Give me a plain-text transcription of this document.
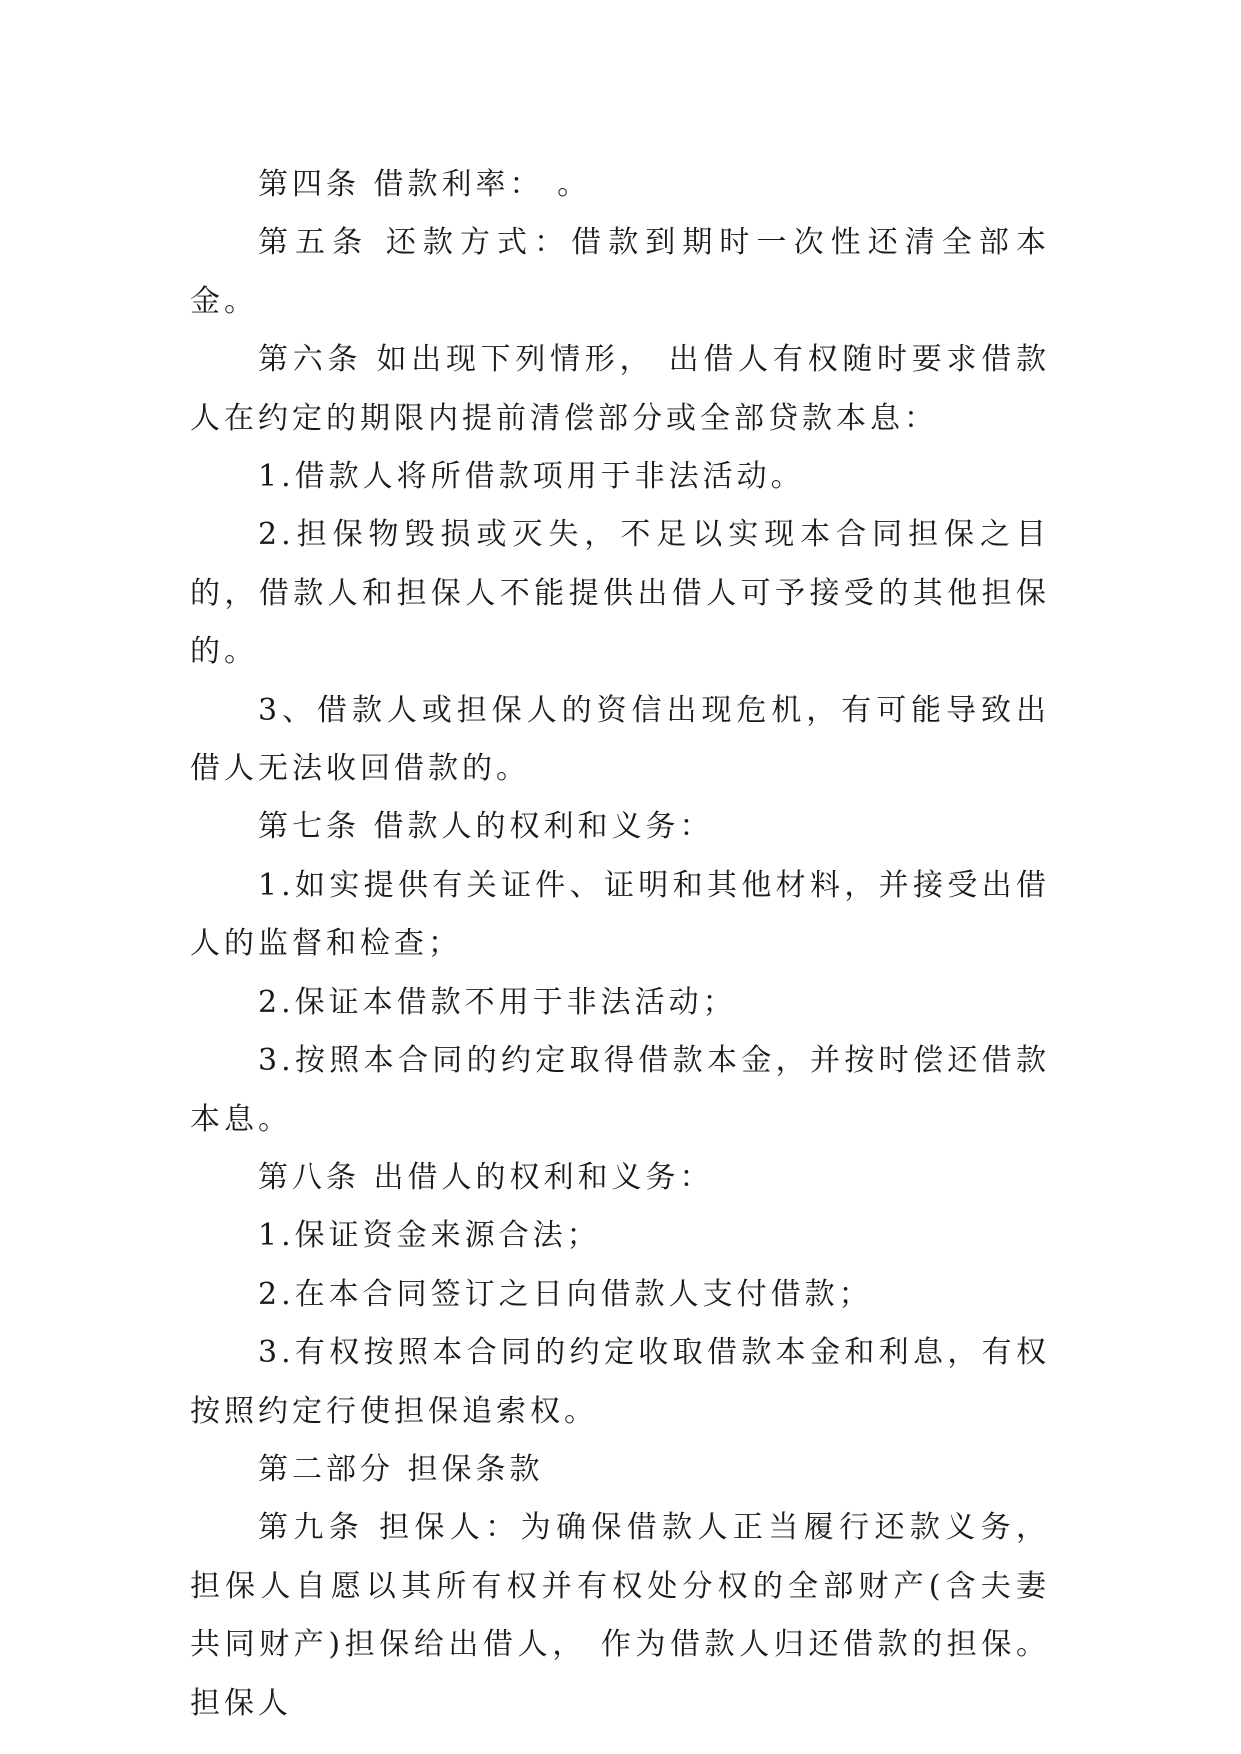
第四条 借款利率： 。

第五条 还款方式：借款到期时一次性还清全部本金。

第六条 如出现下列情形， 出借人有权随时要求借款人在约定的期限内提前清偿部分或全部贷款本息：

1.借款人将所借款项用于非法活动。

2.担保物毁损或灭失，不足以实现本合同担保之目的，借款人和担保人不能提供出借人可予接受的其他担保的。

3、借款人或担保人的资信出现危机，有可能导致出借人无法收回借款的。

第七条 借款人的权利和义务：

1.如实提供有关证件、证明和其他材料，并接受出借人的监督和检查；

2.保证本借款不用于非法活动；

3.按照本合同的约定取得借款本金，并按时偿还借款本息。

第八条 出借人的权利和义务：

1.保证资金来源合法；

2.在本合同签订之日向借款人支付借款；

3.有权按照本合同的约定收取借款本金和利息，有权按照约定行使担保追索权。

第二部分 担保条款

第九条 担保人：为确保借款人正当履行还款义务，担保人自愿以其所有权并有权处分权的全部财产(含夫妻共同财产)担保给出借人， 作为借款人归还借款的担保。担保人
